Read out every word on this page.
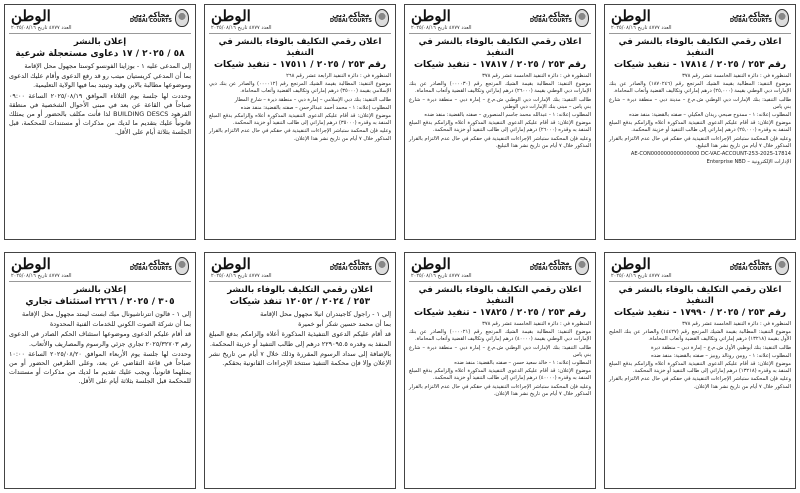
محاكم دبي
DUBAI COURTS
الوطن
العدد ٤٧٧٧ تاريخ ٢٠٢٥/٠٨/١٦
اعلان رقمي التكليف بالوفاء بالنشر في التنفيذ
رقم ٢٥٣ / ٢٠٢٥ / ١٧٨١٤ - تنفيذ شيكات

المنظورة في : دائرة التنفيذ الخامسة عشر رقم ٣٧٨

موضوع التنفيذ: المطالبة بقيمة الشيك المرتجع رقم (١٨٧٠٢٤٦) والصادر عن بنك الإمارات دبي الوطني بقيمة (٢٥,٠٠٠) درهم إماراتي وتكاليف القضية وأتعاب المحاماة.

طالب التنفيذ: بنك الإمارات دبي الوطني ش.م.ع – مدينة دبي – منطقة ديرة – شارع بني ياس

المطلوب إعلانه: ١ - ممدوح صبحي زيدان العكيلي – صفته بالقضية: منفذ ضده

موضوع الإعلان: قد أقام عليكم الدعوى التنفيذية المذكورة أعلاه وإلزامكم بدفع المبلغ المنفذ به وقدره (٢٥,٠٠٠) درهم إماراتي إلى طالب التنفيذ أو خزينة المحكمة.

وعليه فإن المحكمة ستباشر الإجراءات التنفيذية في حقكم في حال عدم الالتزام بالقرار المذكور خلال ٧ أيام من تاريخ نشر هذا التبليغ.

AE-CON000000000000000 DC-VAC-ACCOUNT-253-2025-17814

الإدارات الإلكترونية – Enterprise NBD

محاكم دبي
DUBAI COURTS
الوطن
العدد ٤٧٧٧ تاريخ ٢٠٢٥/٠٨/١٦
اعلان رقمي التكليف بالوفاء بالنشر في التنفيذ
رقم ٢٥٣ / ٢٠٢٥ / ١٧٨١٧ - تنفيذ شيكات

المنظورة في : دائرة التنفيذ الخامسة عشر رقم ٣٧٨

موضوع التنفيذ: المطالبة بقيمة الشيك المرتجع رقم (٠٠٠٠٣٠) والصادر عن بنك الإمارات دبي الوطني بقيمة (٢٦٠٠٠) درهم إماراتي وتكاليف القضية وأتعاب المحاماة.

طالب التنفيذ: بنك الإمارات دبي الوطني ش.م.ع – إمارة دبي – منطقة ديرة – شارع بني ياس – مبنى بنك الإمارات دبي الوطني

المطلوب إعلانه: ١ - عبدالله محمد جاسم المنصوري – صفته بالقضية: منفذ ضده

موضوع الإعلان: قد أقام عليكم الدعوى التنفيذية المذكورة أعلاه وإلزامكم بدفع المبلغ المنفذ به وقدره (٢٦٠٠٠) درهم إماراتي إلى طالب التنفيذ أو خزينة المحكمة.

وعليه فإن المحكمة ستباشر الإجراءات التنفيذية في حقكم في حال عدم الالتزام بالقرار المذكور خلال ٧ أيام من تاريخ نشر هذا التبليغ.

محاكم دبي
DUBAI COURTS
الوطن
العدد ٤٧٧٧ تاريخ ٢٠٢٥/٠٨/١٦
اعلان رقمي التكليف بالوفاء بالنشر في التنفيذ
رقم ٢٥٣ / ٢٠٢٥ / ١٧٥١١ - تنفيذ شيكات

المنظورة في : دائرة التنفيذ الرابعة عشر رقم ٢٦٨

موضوع التنفيذ: المطالبة بقيمة الشيك المرتجع رقم (٠٠٠٠١٢) والصادر عن بنك دبي الإسلامي بقيمة (٣٥٠٠٠) درهم إماراتي وتكاليف القضية وأتعاب المحاماة.

طالب التنفيذ: بنك دبي الإسلامي – إمارة دبي – منطقة ديرة – شارع المطار

المطلوب إعلانه: ١ - محمد أحمد عبدالرحمن – صفته بالقضية: منفذ ضده

موضوع الإعلان: قد أقام عليكم الدعوى التنفيذية المذكورة أعلاه وإلزامكم بدفع المبلغ المنفذ به وقدره (٣٥٠٠٠) درهم إماراتي إلى طالب التنفيذ أو خزينة المحكمة.

وعليه فإن المحكمة ستباشر الإجراءات التنفيذية في حقكم في حال عدم الالتزام بالقرار المذكور خلال ٧ أيام من تاريخ نشر هذا الإعلان.

محاكم دبي
DUBAI COURTS
الوطن
العدد ٤٧٧٧ تاريخ ٢٠٢٥/٠٨/١٦
إعلان بالنشر
٥٨ / ٢٠٢٥ / ١٧ دعاوى مستعجلة شرعية

إلى المدعى عليه ١ - بوزاينا الفونسو كوستا مجهول محل الإقامة

بما أن المدعي كريستيان ميتب رو قد رفع الدعوى وأقام عليك الدعوى وموضوعها مطالبة بالابن وقيد وتيتيد بما فيها الولاية التعليمية.

وحددت لها جلسة يوم الثلاثاء الموافق ٢٠٢٥/٠٨/١٩ الساعة ٠٩:٠٠ صباحاً في القاعة عن بعد في مبنى الأحوال الشخصية في منطقة القرهود BUILDING DESCS لذا فأنت مكلف بالحضور أو من يمثلك قانونياً عليك بتقديم ما لديك من مذكرات أو مستندات للمحكمة، قبل الجلسة بثلاثة أيام على الأقل.

محاكم دبي
DUBAI COURTS
الوطن
العدد ٤٧٧٧ تاريخ ٢٠٢٥/٠٨/١٦
اعلان رقمي التكليف بالوفاء بالنشر في التنفيذ
رقم ٢٥٣ / ٢٠٢٥ / ١٧٩٩٠ - تنفيذ شيكات

المنظورة في : دائرة التنفيذ الخامسة عشر رقم ٣٧٨

موضوع التنفيذ: المطالبة بقيمة الشيك المرتجع رقم (١٤٤٢٧) والصادر عن بنك الخليج الأول بقيمة (١٣٢١٨) درهم إماراتي وتكاليف القضية وأتعاب المحاماة.

طالب التنفيذ: بنك أبوظبي الأول ش.م.ع – إمارة دبي – منطقة ديرة

المطلوب إعلانه: ١ - روبين رونالد روبيز – صفته بالقضية: منفذ ضده

موضوع الإعلان: قد أقام عليكم الدعوى التنفيذية المذكورة أعلاه وإلزامكم بدفع المبلغ المنفذ به وقدره (١٣٢١٨) درهم إماراتي إلى طالب التنفيذ أو خزينة المحكمة.

وعليه فإن المحكمة ستباشر الإجراءات التنفيذية في حقكم في حال عدم الالتزام بالقرار المذكور خلال ٧ أيام من تاريخ نشر هذا الإعلان.

محاكم دبي
DUBAI COURTS
الوطن
العدد ٤٧٧٧ تاريخ ٢٠٢٥/٠٨/١٦
اعلان رقمي التكليف بالوفاء بالنشر في التنفيذ
رقم ٢٥٣ / ٢٠٢٥ / ١٧٨٢٥ - تنفيذ شيكات

المنظورة في : دائرة التنفيذ الخامسة عشر رقم ٣٧٨

موضوع التنفيذ: المطالبة بقيمة الشيك المرتجع رقم (٠٠٠٠٢١) والصادر عن بنك الإمارات دبي الوطني بقيمة (٤٠٠٠٠) درهم إماراتي وتكاليف القضية وأتعاب المحاماة.

طالب التنفيذ: بنك الإمارات دبي الوطني ش.م.ع – إمارة دبي – منطقة ديرة – شارع بني ياس

المطلوب إعلانه: ١ - خالد سعيد حسن – صفته بالقضية: منفذ ضده

موضوع الإعلان: قد أقام عليكم الدعوى التنفيذية المذكورة أعلاه وإلزامكم بدفع المبلغ المنفذ به وقدره (٤٠٠٠٠) درهم إماراتي إلى طالب التنفيذ أو خزينة المحكمة.

وعليه فإن المحكمة ستباشر الإجراءات التنفيذية في حقكم في حال عدم الالتزام بالقرار المذكور خلال ٧ أيام من تاريخ نشر هذا الإعلان.

محاكم دبي
DUBAI COURTS
الوطن
العدد ٤٧٧٧ تاريخ ٢٠٢٥/٠٨/١٦
اعلان رقمي التكليف بالوفاء بالنشر
٢٥٣ / ٢٠٢٤ / ١٢٠٥٢ تنفذ شيكات

إلى ١ - راجول كاجيندران انيلا مجهول محل الإقامة

بما أن محمد حسين شكر أبو خميرة

قد أقام عليكم الدعوى التنفيذية المذكورة أعلاه وإلزامكم بدفع المبلغ المنفذ به وقدره ٢٢٩٠٩٥.٥ درهم إلى طالب التنفيذ أو خزينة المحكمة.

بالإضافة إلى سداد الرسوم المقررة وذلك خلال ٧ أيام من تاريخ نشر الإعلان وإلا فإن محكمة التنفيذ ستتخذ الإجراءات القانونية بحقكم.

محاكم دبي
DUBAI COURTS
الوطن
العدد ٤٧٧٧ تاريخ ٢٠٢٥/٠٨/١٦
إعلان بالنشر
٣٠٥ / ٢٠٢٥ / ٢٢٦٦ استئناف تجاري

إلى ١ - فالون انترناشيونال ميك ابست ليمتد مجهول محل الإقامة

بما أن شركة الصوت الكوني للخدمات الفنية المحدودة

قد أقام عليكم الدعوى وموضوعها استئناف الحكم الصادر في الدعوى رقم ٢٠٢٥/٣٢٧٠٣ تجاري جزئي والرسوم والمصاريف والأتعاب.

وحددت لها جلسة يوم الأربعاء الموافق ٢٠٢٥/٠٨/٢٠ الساعة ١٠:٠٠ صباحاً في قاعة التقاضي عن بعد، وعلى الطرفين الحضور أو من يمثلهما قانونياً، ويجب عليك تقديم ما لديك من مذكرات أو مستندات للمحكمة قبل الجلسة بثلاثة أيام على الأقل.
